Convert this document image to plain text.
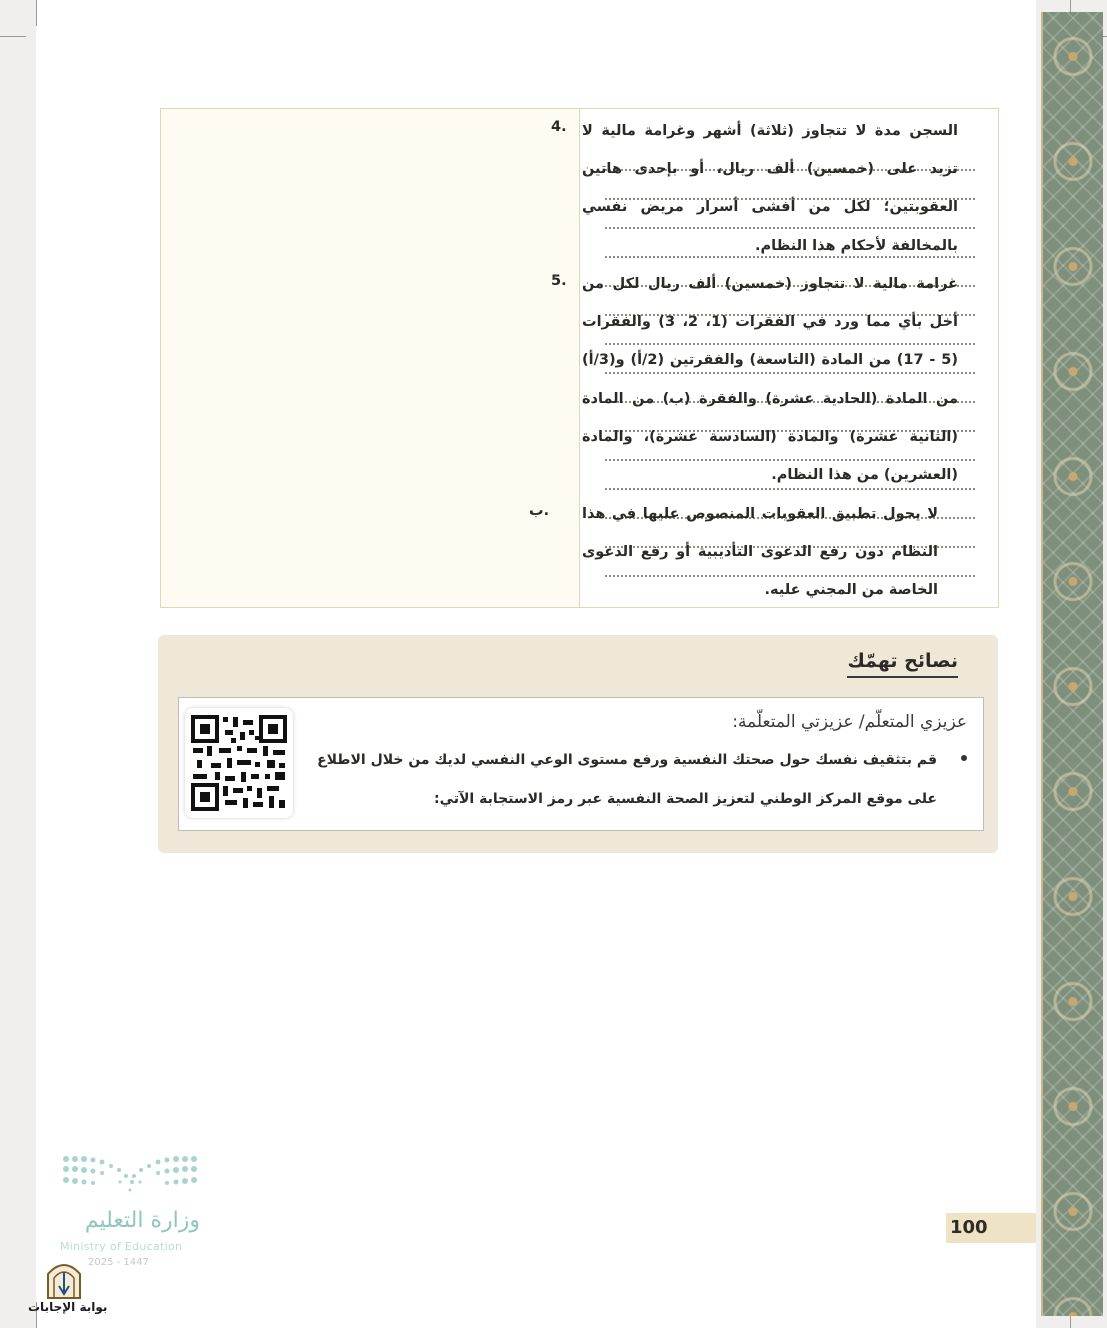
4. السجن مدة لا تتجاوز (ثلاثة) أشهر وغرامة مالية لا تزيد على (خمسين) ألف ريال، أو بإحدى هاتين العقوبتين؛ لكل من أفشى أسرار مريض نفسي بالمخالفة لأحكام هذا النظام.

5. غرامة مالية لا تتجاوز (خمسين) ألف ريال لكل من أخل بأي مما ورد في الفقرات (1، 2، 3) والفقرات (5 - 17) من المادة (التاسعة) والفقرتين (2/أ) و(3/أ) من المادة (الحادية عشرة) والفقرة (ب) من المادة (الثانية عشرة) والمادة (السادسة عشرة)، والمادة (العشرين) من هذا النظام.

ب. لا يحول تطبيق العقوبات المنصوص عليها في هذا النظام دون رفع الدعوى التأديبية أو رفع الدعوى الخاصة من المجني عليه.

نصائح تهمّك
عزيزي المتعلّم/ عزيزتي المتعلّمة:
قم بتثقيف نفسك حول صحتك النفسية ورفع مستوى الوعي النفسي لديك من خلال الاطلاع
على موقع المركز الوطني لتعزيز الصحة النفسية عبر رمز الاستجابة الآتي:
100
وزارة التعليم
Ministry of Education
2025 - 1447
بوابة الإجابات
